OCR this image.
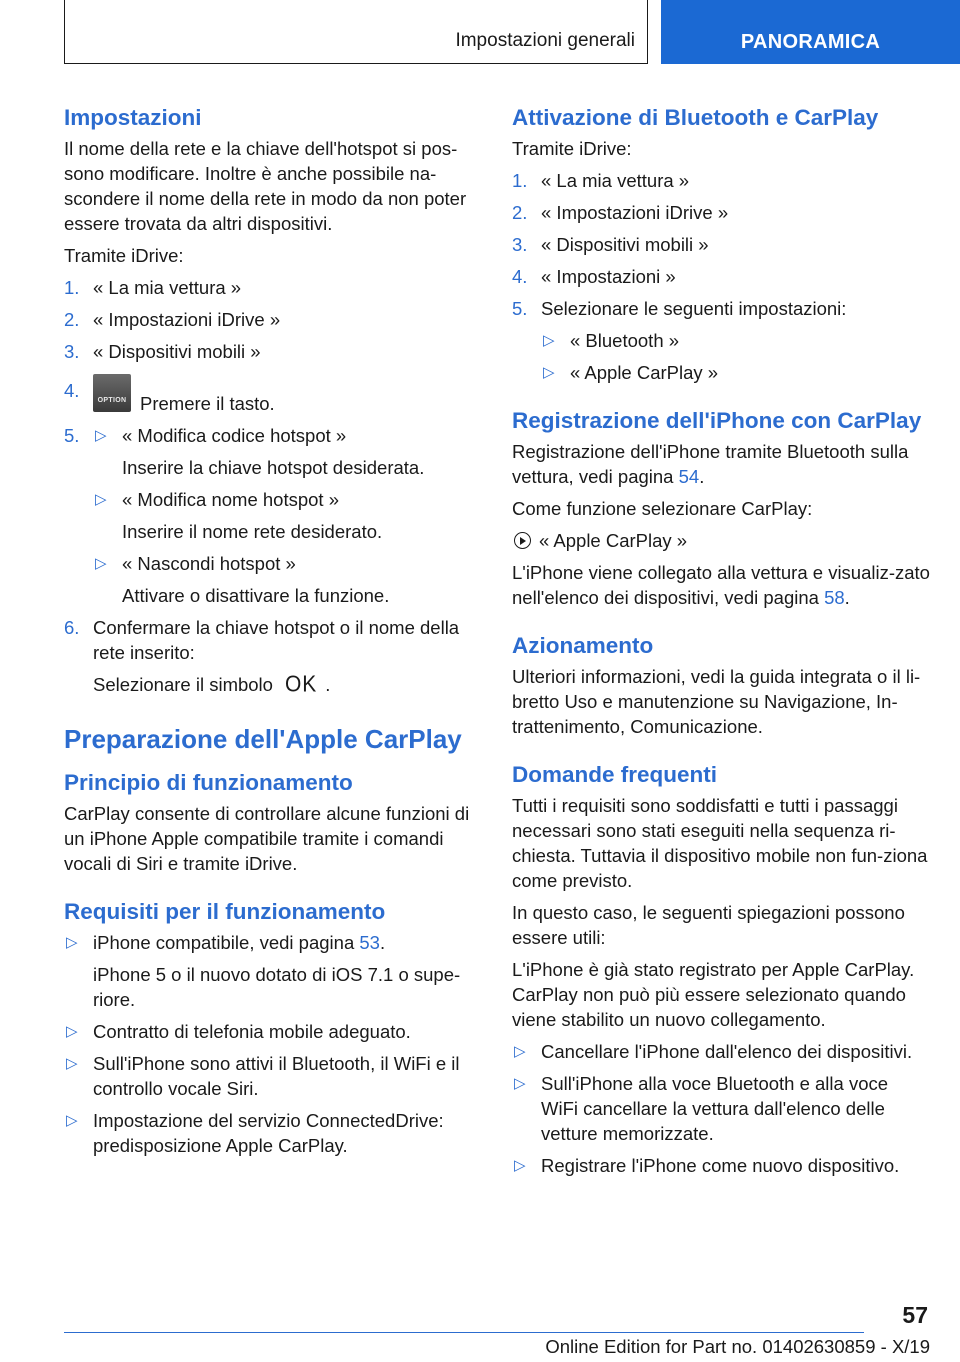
Impostazioni generali	PANORAMICA
Impostazioni

Il nome della rete e la chiave dell'hotspot si pos-sono modificare. Inoltre è anche possibile na-scondere il nome della rete in modo da non poter essere trovata da altri dispositivi.

Tramite iDrive:

1. « La mia vettura »
2. « Impostazioni iDrive »
3. « Dispositivi mobili »
4.	OPTION Premere il tasto.
5. ▷ « Modifica codice hotspot »
Inserire la chiave hotspot desiderata.
▷ « Modifica nome hotspot »
Inserire il nome rete desiderato.
▷ « Nascondi hotspot »
Attivare o disattivare la funzione.
6. Confermare la chiave hotspot o il nome della rete inserito:
Selezionare il simbolo OK .
Preparazione dell'Apple CarPlay
Principio di funzionamento

CarPlay consente di controllare alcune funzioni di un iPhone Apple compatibile tramite i comandi vocali di Siri e tramite iDrive.

Requisiti per il funzionamento
▷ iPhone compatibile, vedi pagina 53.
iPhone 5 o il nuovo dotato di iOS 7.1 o supe-riore.
▷ Contratto di telefonia mobile adeguato.
▷ Sull'iPhone sono attivi il Bluetooth, il WiFi e il controllo vocale Siri.
▷ Impostazione del servizio ConnectedDrive: predisposizione Apple CarPlay.
Attivazione di Bluetooth e CarPlay

Tramite iDrive:

1. « La mia vettura »
2. « Impostazioni iDrive »
3. « Dispositivi mobili »
4. « Impostazioni »
5. Selezionare le seguenti impostazioni:
▷ « Bluetooth »
▷ « Apple CarPlay »
Registrazione dell'iPhone con CarPlay

Registrazione dell'iPhone tramite Bluetooth sulla vettura, vedi pagina 54.

Come funzione selezionare CarPlay:

« Apple CarPlay »

L'iPhone viene collegato alla vettura e visualiz-zato nell'elenco dei dispositivi, vedi pagina 58.

Azionamento

Ulteriori informazioni, vedi la guida integrata o il li-bretto Uso e manutenzione su Navigazione, In-trattenimento, Comunicazione.

Domande frequenti

Tutti i requisiti sono soddisfatti e tutti i passaggi necessari sono stati eseguiti nella sequenza ri-chiesta. Tuttavia il dispositivo mobile non fun-ziona come previsto.

In questo caso, le seguenti spiegazioni possono essere utili:

L'iPhone è già stato registrato per Apple CarPlay. CarPlay non può più essere selezionato quando viene stabilito un nuovo collegamento.

▷ Cancellare l'iPhone dall'elenco dei dispositivi.
▷ Sull'iPhone alla voce Bluetooth e alla voce WiFi cancellare la vettura dall'elenco delle vetture memorizzate.
▷ Registrare l'iPhone come nuovo dispositivo.
57
Online Edition for Part no. 01402630859 - X/19
